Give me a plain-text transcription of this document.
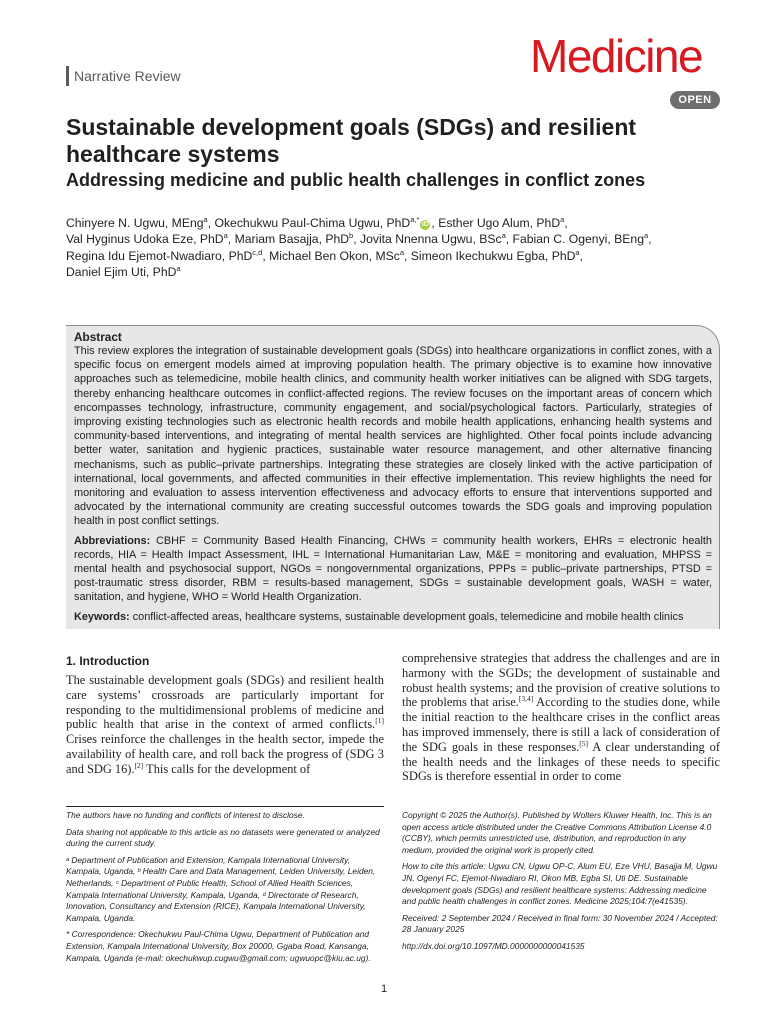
Narrative Review	Medicine
OPEN
Sustainable development goals (SDGs) and resilient healthcare systems
Addressing medicine and public health challenges in conflict zones
Chinyere N. Ugwu, MEng$^a$, Okechukwu Paul-Chima Ugwu, PhD$^{a,*}$iD , Esther Ugo Alum, PhD$^a$,
Val Hyginus Udoka Eze, PhD$^a$, Mariam Basajja, PhD$^b$, Jovita Nnenna Ugwu, BSc$^a$, Fabian C. Ogenyi, BEng$^a$,
Regina Idu Ejemot-Nwadiaro, PhD$^{c,d}$, Michael Ben Okon, MSc$^a$, Simeon Ikechukwu Egba, PhD$^a$,
Daniel Ejim Uti, PhD$^a$
Abstract

This review explores the integration of sustainable development goals (SDGs) into healthcare organizations in conflict zones, with a specific focus on emergent models aimed at improving population health. The primary objective is to examine how innovative approaches such as telemedicine, mobile health clinics, and community health worker initiatives can be aligned with SDG targets, thereby enhancing healthcare outcomes in conflict-affected regions. The review focuses on the important areas of concern which encompasses technology, infrastructure, community engagement, and social/psychological factors. Particularly, strategies of improving existing technologies such as electronic health records and mobile health applications, enhancing health systems and community-based interventions, and integrating of mental health services are highlighted. Other focal points include advancing better water, sanitation and hygienic practices, sustainable water resource management, and other alternative financing mechanisms, such as public–private partnerships. Integrating these strategies are closely linked with the active participation of international, local governments, and affected communities in their effective implementation. This review highlights the need for monitoring and evaluation to assess intervention effectiveness and advocacy efforts to ensure that interventions supported and advocated by the international community are creating successful outcomes towards the SDG goals and improving population health in post conflict settings.

Abbreviations: CBHF = Community Based Health Financing, CHWs = community health workers, EHRs = electronic health records, HIA = Health Impact Assessment, IHL = International Humanitarian Law, M&E = monitoring and evaluation, MHPSS = mental health and psychosocial support, NGOs = nongovernmental organizations, PPPs = public–private partnerships, PTSD = post-traumatic stress disorder, RBM = results-based management, SDGs = sustainable development goals, WASH = water, sanitation, and hygiene, WHO = World Health Organization.
Keywords: conflict-affected areas, healthcare systems, sustainable development goals, telemedicine and mobile health clinics
1. Introduction

The sustainable development goals (SDGs) and resilient health care systems’ crossroads are particularly important for responding to the multidimensional problems of medicine and public health that arise in the context of armed conflicts.[1] Crises reinforce the challenges in the health sector, impede the availability of health care, and roll back the progress of (SDG 3 and SDG 16).[2] This calls for the development of

comprehensive strategies that address the challenges and are in harmony with the SGDs; the development of sustainable and robust health systems; and the provision of creative solutions to the problems that arise.[3,4] According to the studies done, while the initial reaction to the healthcare crises in the conflict areas has improved immensely, there is still a lack of consideration of the SDG goals in these responses.[5] A clear understanding of the health needs and the linkages of these needs to specific SDGs is therefore essential in order to come

The authors have no funding and conflicts of interest to disclose.

Data sharing not applicable to this article as no datasets were generated or analyzed during the current study.

ᵃ Department of Publication and Extension, Kampala International University, Kampala, Uganda, ᵇ Health Care and Data Management, Leiden University, Leiden, Netherlands, ᶜ Department of Public Health, School of Allied Health Sciences, Kampala International University, Kampala, Uganda, ᵈ Directorate of Research, Innovation, Consultancy and Extension (RICE), Kampala International University, Kampala, Uganda.

* Correspondence: Okechukwu Paul-Chima Ugwu, Department of Publication and Extension, Kampala International University, Box 20000, Ggaba Road, Kansanga, Kampala, Uganda (e-mail: okechukwup.cugwu@gmail.com; ugwuopc@kiu.ac.ug).

Copyright © 2025 the Author(s). Published by Wolters Kluwer Health, Inc. This is an open access article distributed under the Creative Commons Attribution License 4.0 (CCBY), which permits unrestricted use, distribution, and reproduction in any medium, provided the original work is properly cited.

How to cite this article: Ugwu CN, Ugwu OP-C, Alum EU, Eze VHU, Basajja M, Ugwu JN, Ogenyi FC, Ejemot-Nwadiaro RI, Okon MB, Egba SI, Uti DE. Sustainable development goals (SDGs) and resilient healthcare systems: Addressing medicine and public health challenges in conflict zones. Medicine 2025;104:7(e41535).

Received: 2 September 2024 / Received in final form: 30 November 2024 / Accepted: 28 January 2025

http://dx.doi.org/10.1097/MD.0000000000041535

1
